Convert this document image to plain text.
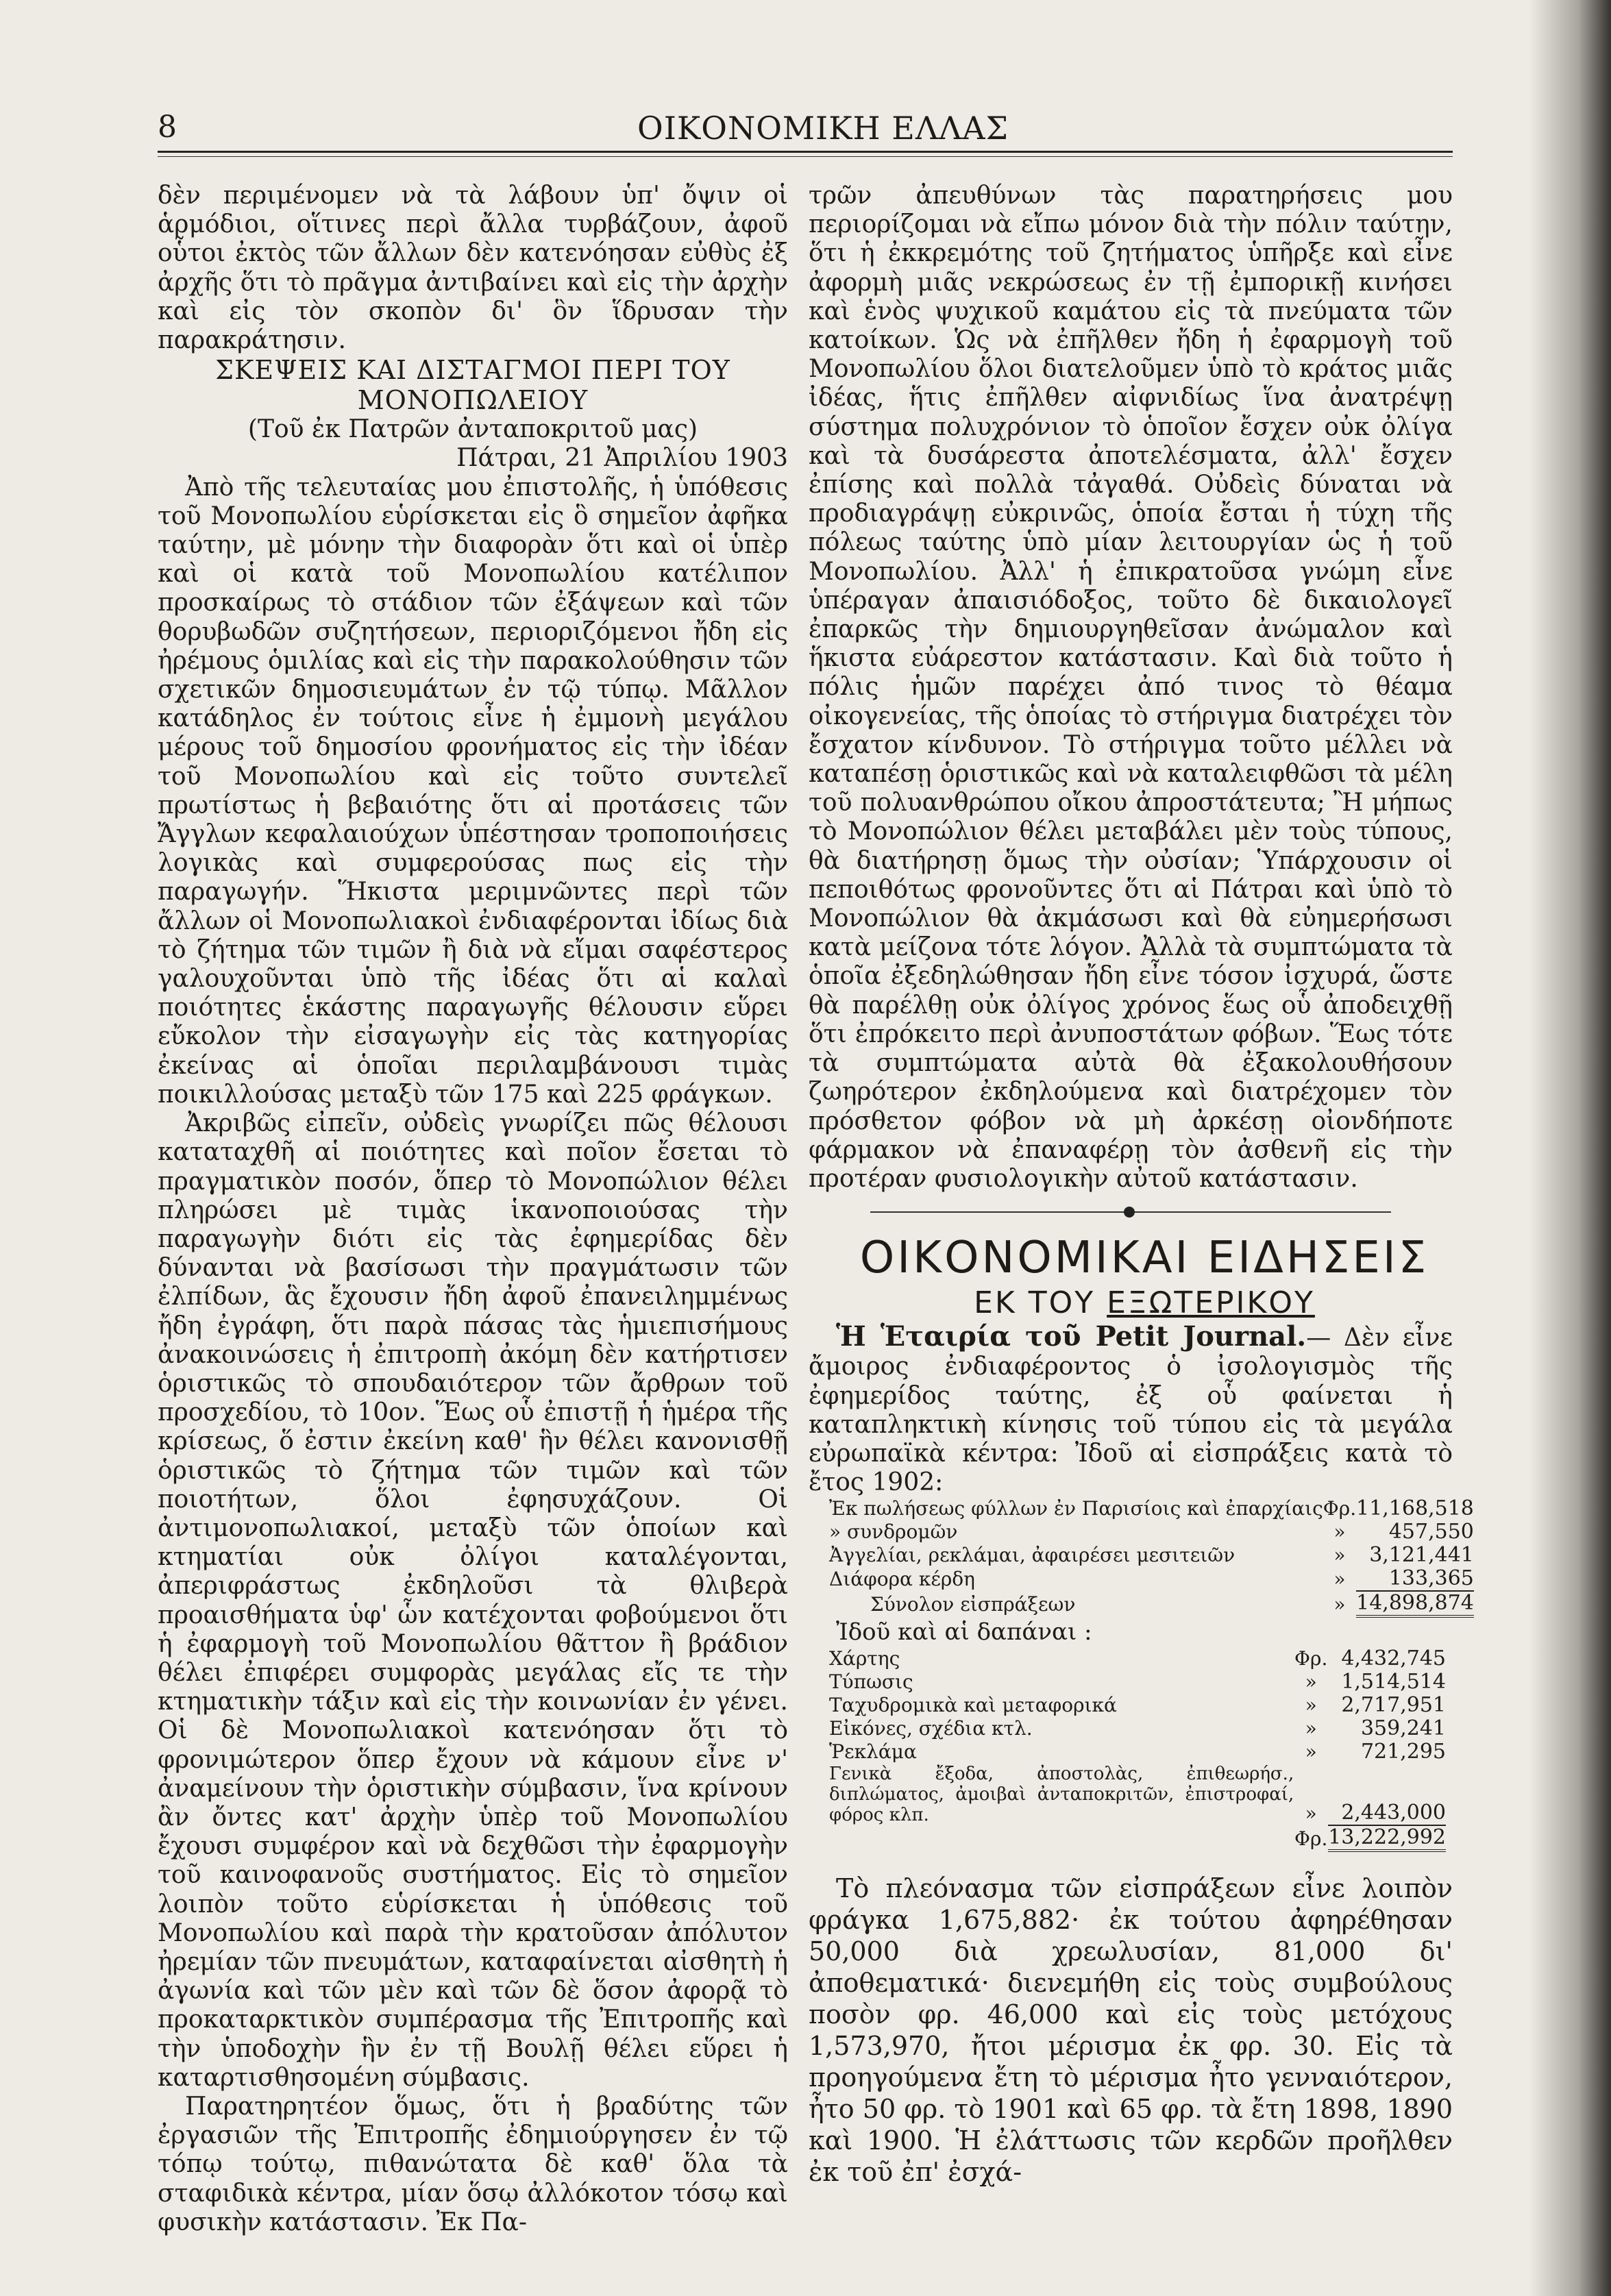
8	ΟΙΚΟΝΟΜΙΚΗ ΕΛΛΑΣ

δὲν περιμένομεν νὰ τὰ λάβουν ὑπ' ὄψιν οἱ ἁρμόδιοι, οἵτινες περὶ ἄλλα τυρβάζουν, ἀφοῦ οὗτοι ἐκτὸς τῶν ἄλλων δὲν κατενόησαν εὐθὺς ἐξ ἀρχῆς ὅτι τὸ πρᾶγμα ἀντιβαίνει καὶ εἰς τὴν ἀρχὴν καὶ εἰς τὸν σκοπὸν δι' ὃν ἵδρυσαν τὴν παρακράτησιν.

ΣΚΕΨΕΙΣ ΚΑΙ ΔΙΣΤΑΓΜΟΙ ΠΕΡΙ ΤΟΥ

ΜΟΝΟΠΩΛΕΙΟΥ

(Τοῦ ἐκ Πατρῶν ἀνταποκριτοῦ μας)

Πάτραι, 21 Ἀπριλίου 1903

Ἀπὸ τῆς τελευταίας μου ἐπιστολῆς, ἡ ὑπόθεσις τοῦ Μονοπωλίου εὑρίσκεται εἰς ὃ σημεῖον ἀφῆκα ταύτην, μὲ μόνην τὴν διαφορὰν ὅτι καὶ οἱ ὑπὲρ καὶ οἱ κατὰ τοῦ Μονοπωλίου κατέλιπον προσκαίρως τὸ στάδιον τῶν ἐξάψεων καὶ τῶν θορυβωδῶν συζητήσεων, περιοριζόμενοι ἤδη εἰς ἠρέμους ὁμιλίας καὶ εἰς τὴν παρακολούθησιν τῶν σχετικῶν δημοσιευμάτων ἐν τῷ τύπῳ. Μᾶλλον κατάδηλος ἐν τούτοις εἶνε ἡ ἐμμονὴ μεγάλου μέρους τοῦ δημοσίου φρονήματος εἰς τὴν ἰδέαν τοῦ Μονοπωλίου καὶ εἰς τοῦτο συντελεῖ πρωτίστως ἡ βεβαιότης ὅτι αἱ προτάσεις τῶν Ἄγγλων κεφαλαιούχων ὑπέστησαν τροποποιήσεις λογικὰς καὶ συμφερούσας πως εἰς τὴν παραγωγήν. Ἥκιστα μεριμνῶντες περὶ τῶν ἄλλων οἱ Μονοπωλιακοὶ ἐνδιαφέρονται ἰδίως διὰ τὸ ζήτημα τῶν τιμῶν ἢ διὰ νὰ εἴμαι σαφέστερος γαλουχοῦνται ὑπὸ τῆς ἰδέας ὅτι αἱ καλαὶ ποιότητες ἑκάστης παραγωγῆς θέλουσιν εὕρει εὔκολον τὴν εἰσαγωγὴν εἰς τὰς κατηγορίας ἐκείνας αἱ ὁποῖαι περιλαμβάνουσι τιμὰς ποικιλλούσας μεταξὺ τῶν 175 καὶ 225 φράγκων.

Ἀκριβῶς εἰπεῖν, οὐδεὶς γνωρίζει πῶς θέλουσι καταταχθῆ αἱ ποιότητες καὶ ποῖον ἔσεται τὸ πραγματικὸν ποσόν, ὅπερ τὸ Μονοπώλιον θέλει πληρώσει μὲ τιμὰς ἱκανοποιούσας τὴν παραγωγὴν διότι εἰς τὰς ἐφημερίδας δὲν δύνανται νὰ βασίσωσι τὴν πραγμάτωσιν τῶν ἐλπίδων, ἃς ἔχουσιν ἤδη ἀφοῦ ἐπανειλημμένως ἤδη ἐγράφη, ὅτι παρὰ πάσας τὰς ἡμιεπισήμους ἀνακοινώσεις ἡ ἐπιτροπὴ ἀκόμη δὲν κατήρτισεν ὁριστικῶς τὸ σπουδαιότερον τῶν ἄρθρων τοῦ προσχεδίου, τὸ 10ον. Ἕως οὗ ἐπιστῇ ἡ ἡμέρα τῆς κρίσεως, ὅ ἐστιν ἐκείνη καθ' ἣν θέλει κανονισθῇ ὁριστικῶς τὸ ζήτημα τῶν τιμῶν καὶ τῶν ποιοτήτων, ὅλοι ἐφησυχάζουν. Οἱ ἀντιμονοπωλιακοί, μεταξὺ τῶν ὁποίων καὶ κτηματίαι οὐκ ὀλίγοι καταλέγονται, ἀπεριφράστως ἐκδηλοῦσι τὰ θλιβερὰ προαισθήματα ὑφ' ὧν κατέχονται φοβούμενοι ὅτι ἡ ἐφαρμογὴ τοῦ Μονοπωλίου θᾶττον ἢ βράδιον θέλει ἐπιφέρει συμφορὰς μεγάλας εἴς τε τὴν κτηματικὴν τάξιν καὶ εἰς τὴν κοινωνίαν ἐν γένει. Οἱ δὲ Μονοπωλιακοὶ κατενόησαν ὅτι τὸ φρονιμώτερον ὅπερ ἔχουν νὰ κάμουν εἶνε ν' ἀναμείνουν τὴν ὁριστικὴν σύμβασιν, ἵνα κρίνουν ἂν ὄντες κατ' ἀρχὴν ὑπὲρ τοῦ Μονοπωλίου ἔχουσι συμφέρον καὶ νὰ δεχθῶσι τὴν ἐφαρμογὴν τοῦ καινοφανοῦς συστήματος. Εἰς τὸ σημεῖον λοιπὸν τοῦτο εὑρίσκεται ἡ ὑπόθεσις τοῦ Μονοπωλίου καὶ παρὰ τὴν κρατοῦσαν ἀπόλυτον ἠρεμίαν τῶν πνευμάτων, καταφαίνεται αἰσθητὴ ἡ ἀγωνία καὶ τῶν μὲν καὶ τῶν δὲ ὅσον ἀφορᾷ τὸ προκαταρκτικὸν συμπέρασμα τῆς Ἐπιτροπῆς καὶ τὴν ὑποδοχὴν ἣν ἐν τῇ Βουλῇ θέλει εὕρει ἡ καταρτισθησομένη σύμβασις.

Παρατηρητέον ὅμως, ὅτι ἡ βραδύτης τῶν ἐργασιῶν τῆς Ἐπιτροπῆς ἐδημιούργησεν ἐν τῷ τόπῳ τούτῳ, πιθανώτατα δὲ καθ' ὅλα τὰ σταφιδικὰ κέντρα, μίαν ὅσῳ ἀλλόκοτον τόσῳ καὶ φυσικὴν κατάστασιν. Ἐκ Πα-

τρῶν ἀπευθύνων τὰς παρατηρήσεις μου περιορίζομαι νὰ εἴπω μόνον διὰ τὴν πόλιν ταύτην, ὅτι ἡ ἐκκρεμότης τοῦ ζητήματος ὑπῆρξε καὶ εἶνε ἀφορμὴ μιᾶς νεκρώσεως ἐν τῇ ἐμπορικῇ κινήσει καὶ ἑνὸς ψυχικοῦ καμάτου εἰς τὰ πνεύματα τῶν κατοίκων. Ὡς νὰ ἐπῆλθεν ἤδη ἡ ἐφαρμογὴ τοῦ Μονοπωλίου ὅλοι διατελοῦμεν ὑπὸ τὸ κράτος μιᾶς ἰδέας, ἥτις ἐπῆλθεν αἰφνιδίως ἵνα ἀνατρέψῃ σύστημα πολυχρόνιον τὸ ὁποῖον ἔσχεν οὐκ ὀλίγα καὶ τὰ δυσάρεστα ἀποτελέσματα, ἀλλ' ἔσχεν ἐπίσης καὶ πολλὰ τἀγαθά. Οὐδεὶς δύναται νὰ προδιαγράψῃ εὐκρινῶς, ὁποία ἔσται ἡ τύχη τῆς πόλεως ταύτης ὑπὸ μίαν λειτουργίαν ὡς ἡ τοῦ Μονοπωλίου. Ἀλλ' ἡ ἐπικρατοῦσα γνώμη εἶνε ὑπέραγαν ἀπαισιόδοξος, τοῦτο δὲ δικαιολογεῖ ἐπαρκῶς τὴν δημιουργηθεῖσαν ἀνώμαλον καὶ ἥκιστα εὐάρεστον κατάστασιν. Καὶ διὰ τοῦτο ἡ πόλις ἡμῶν παρέχει ἀπό τινος τὸ θέαμα οἰκογενείας, τῆς ὁποίας τὸ στήριγμα διατρέχει τὸν ἔσχατον κίνδυνον. Τὸ στήριγμα τοῦτο μέλλει νὰ καταπέσῃ ὁριστικῶς καὶ νὰ καταλειφθῶσι τὰ μέλη τοῦ πολυανθρώπου οἴκου ἀπροστάτευτα; Ἢ μήπως τὸ Μονοπώλιον θέλει μεταβάλει μὲν τοὺς τύπους, θὰ διατήρησῃ ὅμως τὴν οὐσίαν; Ὑπάρχουσιν οἱ πεποιθότως φρονοῦντες ὅτι αἱ Πάτραι καὶ ὑπὸ τὸ Μονοπώλιον θὰ ἀκμάσωσι καὶ θὰ εὐημερήσωσι κατὰ μείζονα τότε λόγον. Ἀλλὰ τὰ συμπτώματα τὰ ὁποῖα ἐξεδηλώθησαν ἤδη εἶνε τόσον ἰσχυρά, ὥστε θὰ παρέλθῃ οὐκ ὀλίγος χρόνος ἕως οὗ ἀποδειχθῇ ὅτι ἐπρόκειτο περὶ ἀνυποστάτων φόβων. Ἕως τότε τὰ συμπτώματα αὐτὰ θὰ ἐξακολουθήσουν ζωηρότερον ἐκδηλούμενα καὶ διατρέχομεν τὸν πρόσθετον φόβον νὰ μὴ ἀρκέσῃ οἰονδήποτε φάρμακον νὰ ἐπαναφέρῃ τὸν ἀσθενῆ εἰς τὴν προτέραν φυσιολογικὴν αὐτοῦ κατάστασιν.

ΟΙΚΟΝΟΜΙΚΑΙ ΕΙΔΗΣΕΙΣ

ΕΚ ΤΟΥ ΕΞΩΤΕΡΙΚΟΥ

Ἡ Ἑταιρία τοῦ Petit Journal.— Δὲν εἶνε ἄμοιρος ἐνδιαφέροντος ὁ ἰσολογισμὸς τῆς ἐφημερίδος ταύτης, ἐξ οὗ φαίνεται ἡ καταπληκτικὴ κίνησις τοῦ τύπου εἰς τὰ μεγάλα εὐρωπαϊκὰ κέντρα: Ἰδοῦ αἱ εἰσπράξεις κατὰ τὸ ἔτος 1902:

Ἐκ πωλήσεως φύλλων ἐν Παρισίοις καὶ ἐπαρχίαις	Φρ.	11,168,518
» συνδρομῶν	»	457,550
Ἀγγελίαι, ρεκλάμαι, ἀφαιρέσει μεσιτειῶν	»	3,121,441
Διάφορα κέρδη	»	133,365
Σύνολον εἰσπράξεων	»	14,898,874

Ἰδοῦ καὶ αἱ δαπάναι :

Χάρτης	Φρ.	4,432,745
Τύπωσις	»	1,514,514
Ταχυδρομικὰ καὶ μεταφορικά	»	2,717,951
Εἰκόνες, σχέδια κτλ.	»	359,241
Ῥεκλάμα	»	721,295
Γενικὰ ἔξοδα, ἀποστολὰς, ἐπιθεωρήσ., διπλώματος, ἀμοιβαὶ ἀνταποκριτῶν, ἐπιστροφαί, φόρος κλπ.	»	2,443,000
	Φρ.	13,222,992

Τὸ πλεόνασμα τῶν εἰσπράξεων εἶνε λοιπὸν φράγκα 1,675,882· ἐκ τούτου ἀφηρέθησαν 50,000 διὰ χρεωλυσίαν, 81,000 δι' ἀποθεματικά· διενεμήθη εἰς τοὺς συμβούλους ποσὸν φρ. 46,000 καὶ εἰς τοὺς μετόχους 1,573,970, ἤτοι μέρισμα ἐκ φρ. 30. Εἰς τὰ προηγούμενα ἔτη τὸ μέρισμα ἦτο γενναιότερον, ἦτο 50 φρ. τὸ 1901 καὶ 65 φρ. τὰ ἔτη 1898, 1890 καὶ 1900. Ἡ ἐλάττωσις τῶν κερδῶν προῆλθεν ἐκ τοῦ ἐπ' ἐσχά-
